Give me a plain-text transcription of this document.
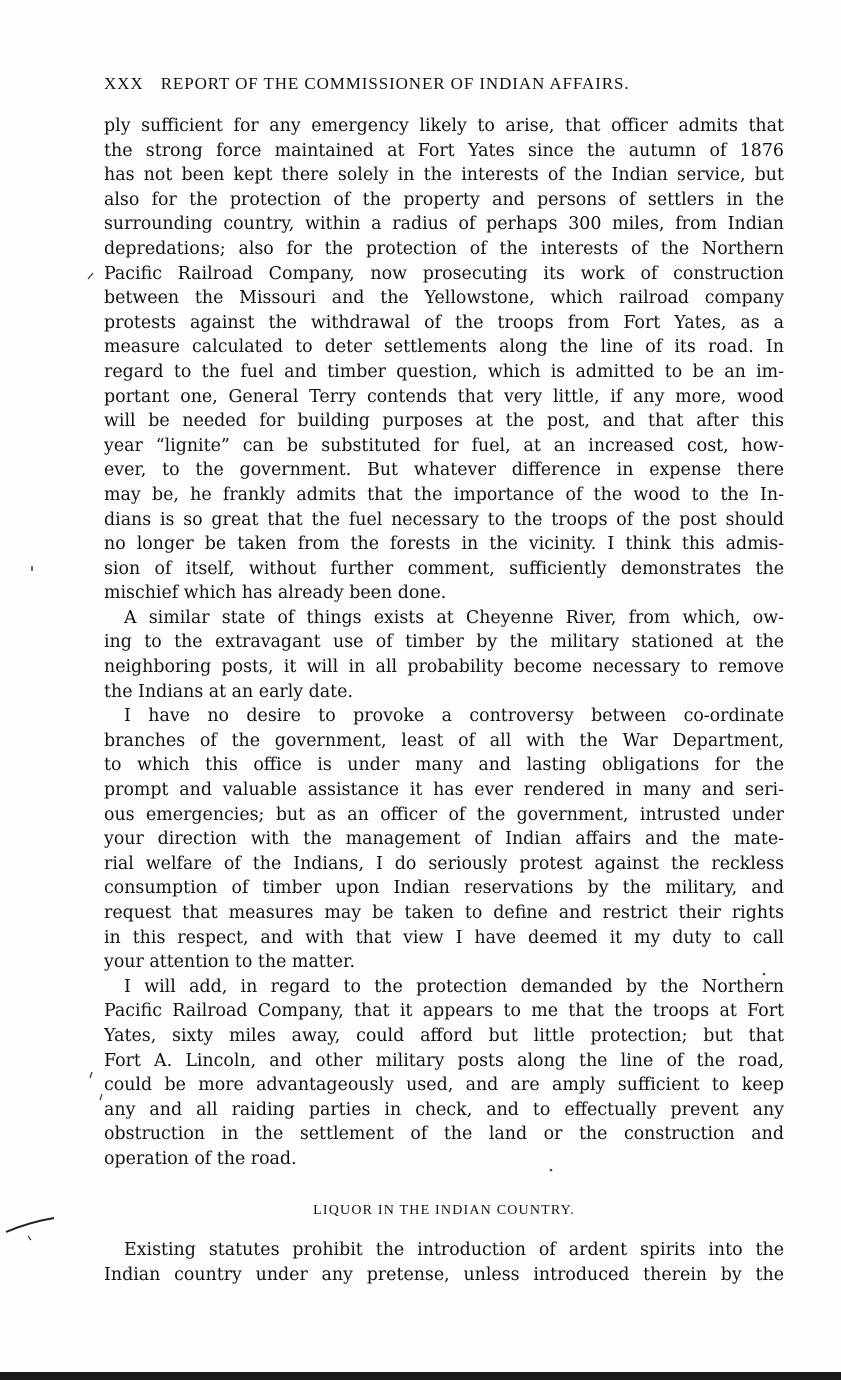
XXX REPORT OF THE COMMISSIONER OF INDIAN AFFAIRS.
ply sufficient for any emergency likely to arise, that officer admits that
the strong force maintained at Fort Yates since the autumn of 1876
has not been kept there solely in the interests of the Indian service, but
also for the protection of the property and persons of settlers in the
surrounding country, within a radius of perhaps 300 miles, from Indian
depredations; also for the protection of the interests of the Northern
Pacific Railroad Company, now prosecuting its work of construction
between the Missouri and the Yellowstone, which railroad company
protests against the withdrawal of the troops from Fort Yates, as a
measure calculated to deter settlements along the line of its road. In
regard to the fuel and timber question, which is admitted to be an im-
portant one, General Terry contends that very little, if any more, wood
will be needed for building purposes at the post, and that after this
year “lignite” can be substituted for fuel, at an increased cost, how-
ever, to the government. But whatever difference in expense there
may be, he frankly admits that the importance of the wood to the In-
dians is so great that the fuel necessary to the troops of the post should
no longer be taken from the forests in the vicinity. I think this admis-
sion of itself, without further comment, sufficiently demonstrates the
mischief which has already been done.
A similar state of things exists at Cheyenne River, from which, ow-
ing to the extravagant use of timber by the military stationed at the
neighboring posts, it will in all probability become necessary to remove
the Indians at an early date.
I have no desire to provoke a controversy between co-ordinate
branches of the government, least of all with the War Department,
to which this office is under many and lasting obligations for the
prompt and valuable assistance it has ever rendered in many and seri-
ous emergencies; but as an officer of the government, intrusted under
your direction with the management of Indian affairs and the mate-
rial welfare of the Indians, I do seriously protest against the reckless
consumption of timber upon Indian reservations by the military, and
request that measures may be taken to define and restrict their rights
in this respect, and with that view I have deemed it my duty to call
your attention to the matter.
I will add, in regard to the protection demanded by the Northern
Pacific Railroad Company, that it appears to me that the troops at Fort
Yates, sixty miles away, could afford but little protection; but that
Fort A. Lincoln, and other military posts along the line of the road,
could be more advantageously used, and are amply sufficient to keep
any and all raiding parties in check, and to effectually prevent any
obstruction in the settlement of the land or the construction and
operation of the road.
LIQUOR IN THE INDIAN COUNTRY.
Existing statutes prohibit the introduction of ardent spirits into the
Indian country under any pretense, unless introduced therein by the
